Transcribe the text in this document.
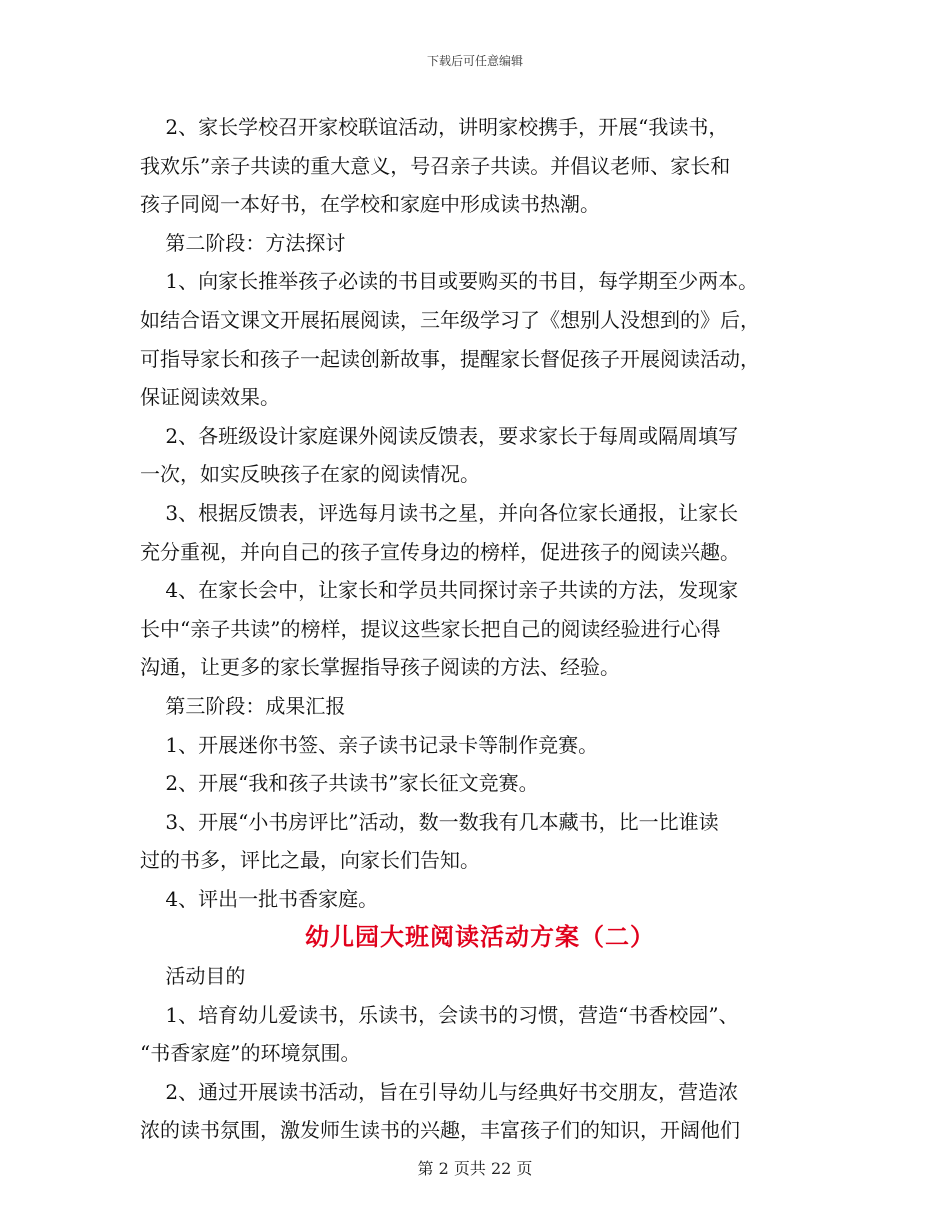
下载后可任意编辑

2、家长学校召开家校联谊活动，讲明家校携手，开展“我读书，

我欢乐”亲子共读的重大意义，号召亲子共读。并倡议老师、家长和

孩子同阅一本好书，在学校和家庭中形成读书热潮。

第二阶段：方法探讨

1、向家长推举孩子必读的书目或要购买的书目，每学期至少两本。

如结合语文课文开展拓展阅读，三年级学习了《想别人没想到的》后，

可指导家长和孩子一起读创新故事，提醒家长督促孩子开展阅读活动，

保证阅读效果。

2、各班级设计家庭课外阅读反馈表，要求家长于每周或隔周填写

一次，如实反映孩子在家的阅读情况。

3、根据反馈表，评选每月读书之星，并向各位家长通报，让家长

充分重视，并向自己的孩子宣传身边的榜样，促进孩子的阅读兴趣。

4、在家长会中，让家长和学员共同探讨亲子共读的方法，发现家

长中“亲子共读”的榜样，提议这些家长把自己的阅读经验进行心得

沟通，让更多的家长掌握指导孩子阅读的方法、经验。

第三阶段：成果汇报

1、开展迷你书签、亲子读书记录卡等制作竞赛。

2、开展“我和孩子共读书”家长征文竞赛。

3、开展“小书房评比”活动，数一数我有几本藏书，比一比谁读

过的书多，评比之最，向家长们告知。

4、评出一批书香家庭。

幼儿园大班阅读活动方案（二）

活动目的

1、培育幼儿爱读书，乐读书，会读书的习惯，营造“书香校园”、

“书香家庭”的环境氛围。

2、通过开展读书活动，旨在引导幼儿与经典好书交朋友，营造浓

浓的读书氛围，激发师生读书的兴趣，丰富孩子们的知识，开阔他们

第 2 页共 22 页
